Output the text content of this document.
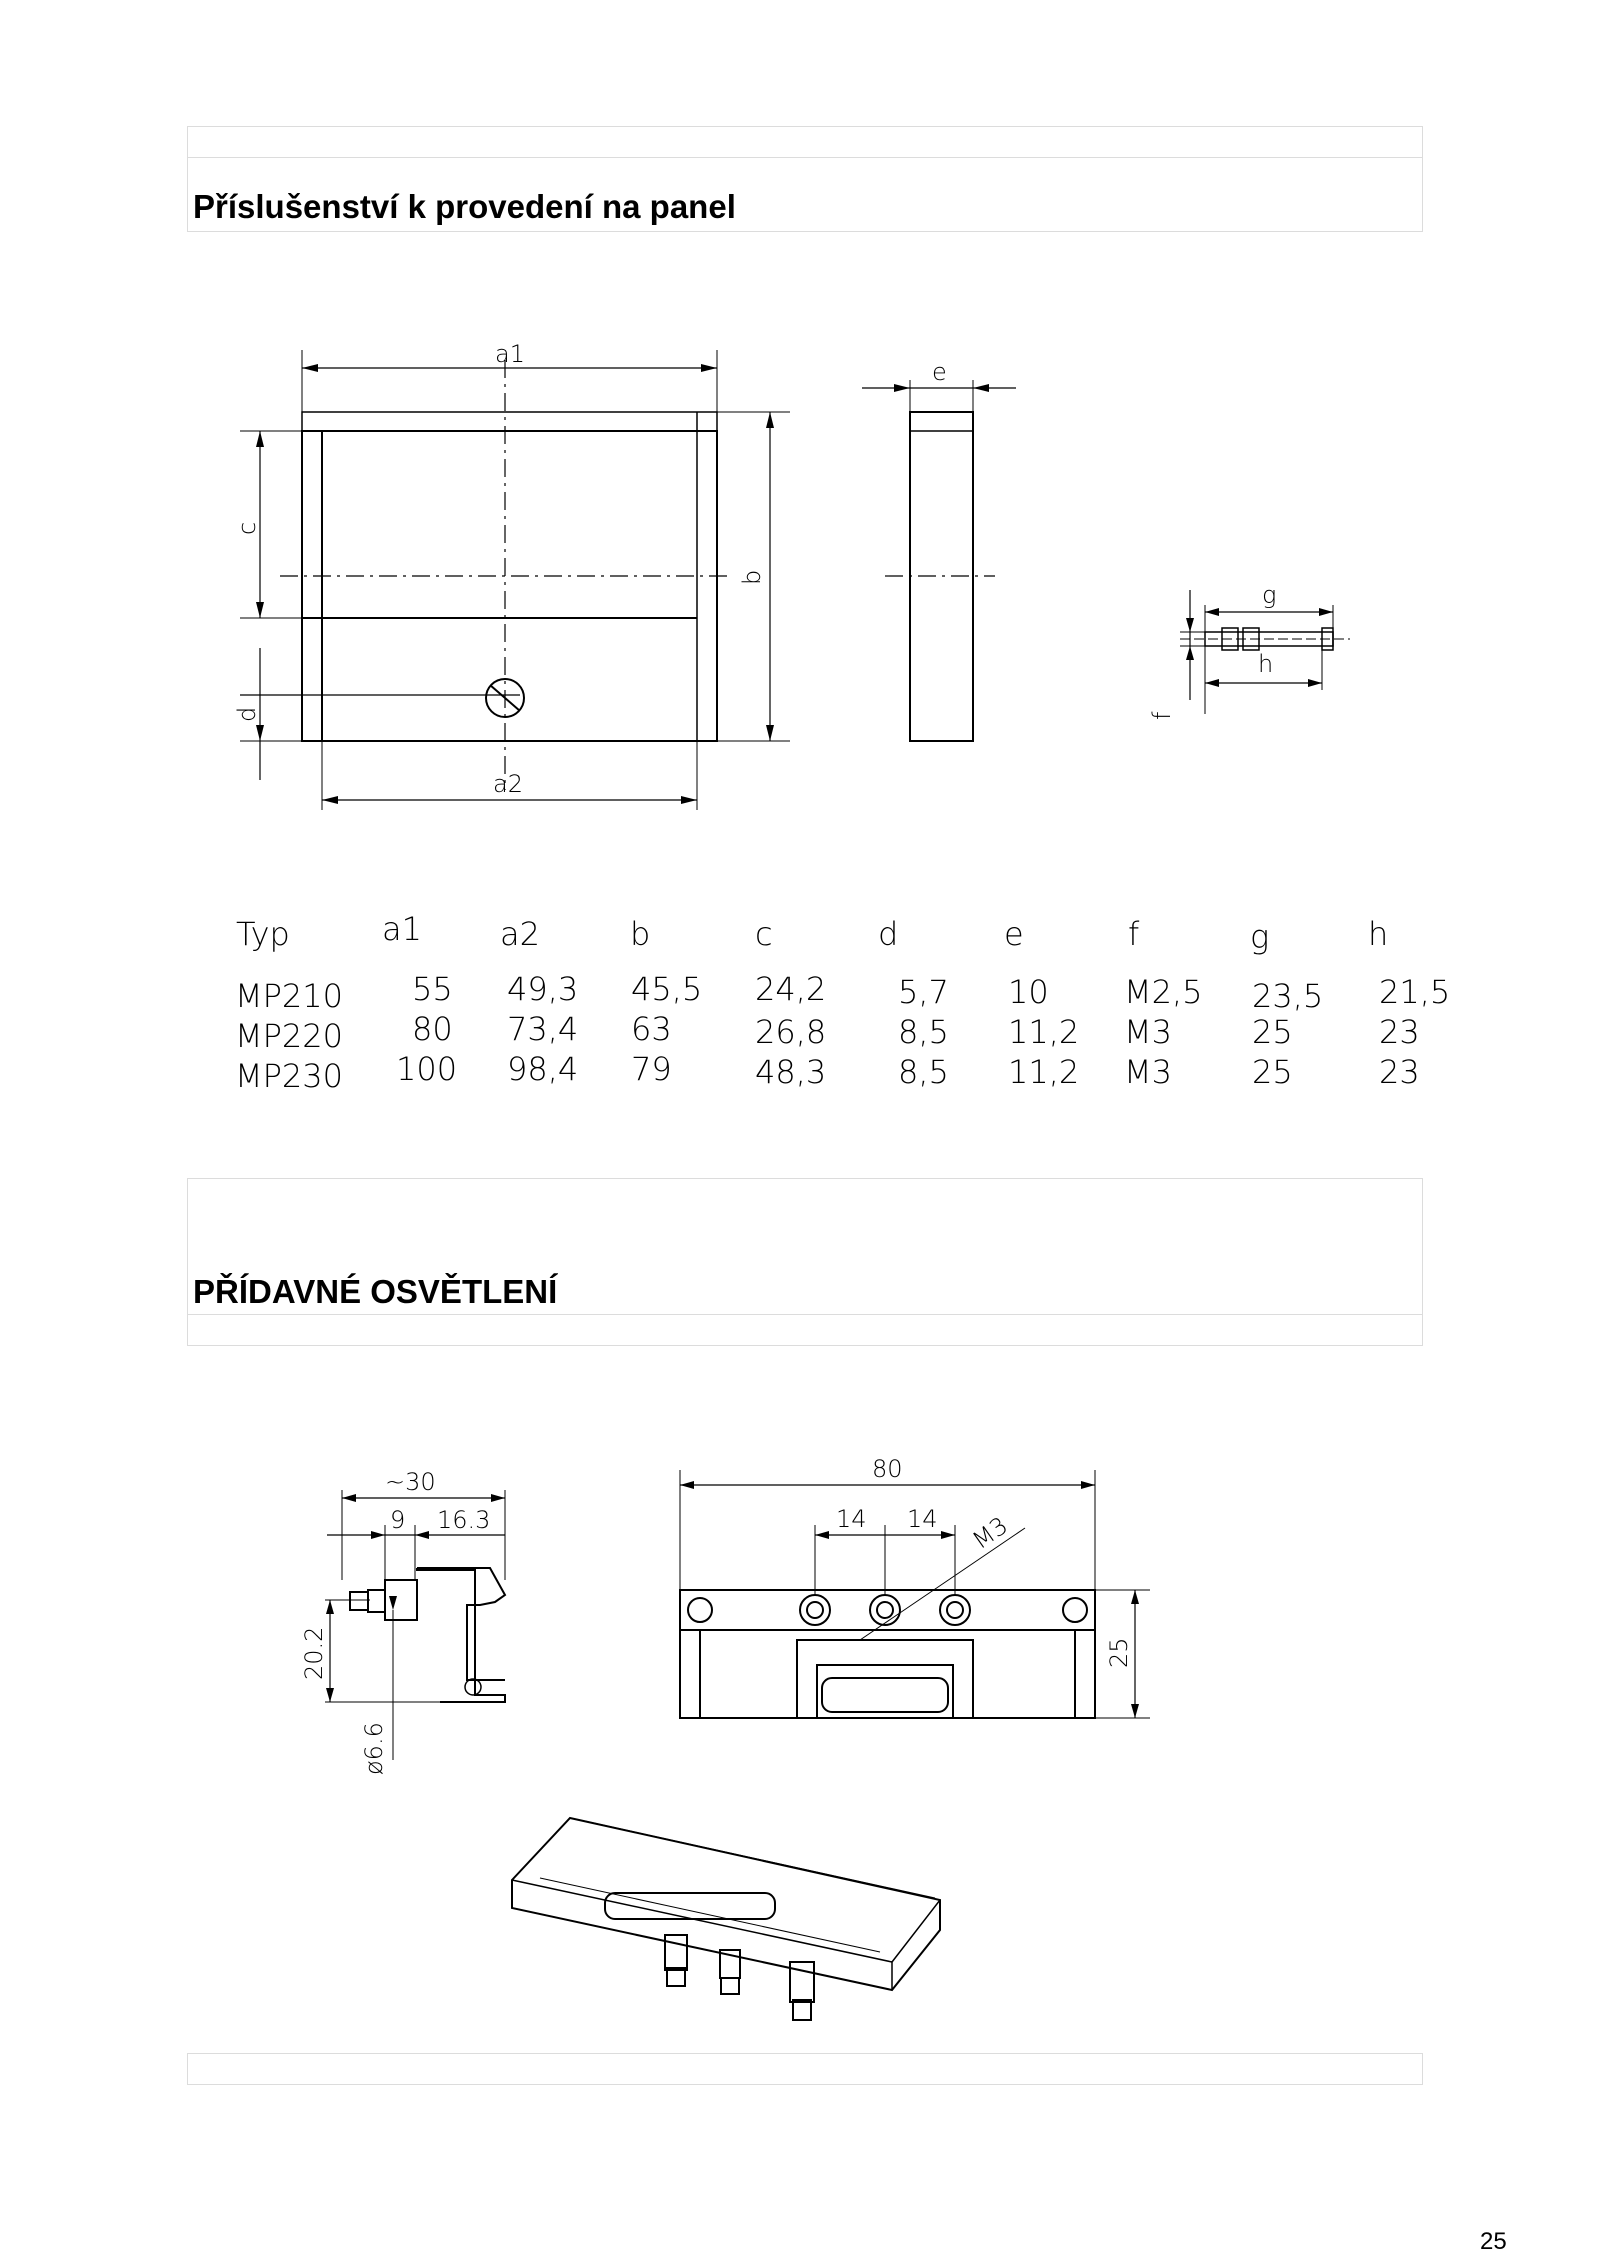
Příslušenství k provedení na panel
a1
a2
b
c
d
e
f
g
h
Typ	a1 a2	b	c	d	e	f	g	h
MP210 55 49,3 45,5 24,2 5,7 10 M2,5 23,5 21,5
MP220 80 73,4 63	26,8 8,5 11,2 M3	25	23
MP230 100 98,4 79	48,3 8,5 11,2 M3	25	23
PŘÍDAVNÉ OSVĚTLENÍ
~30
9 16.3
20.2
ø6.6
80
14 14 M3
25
25
